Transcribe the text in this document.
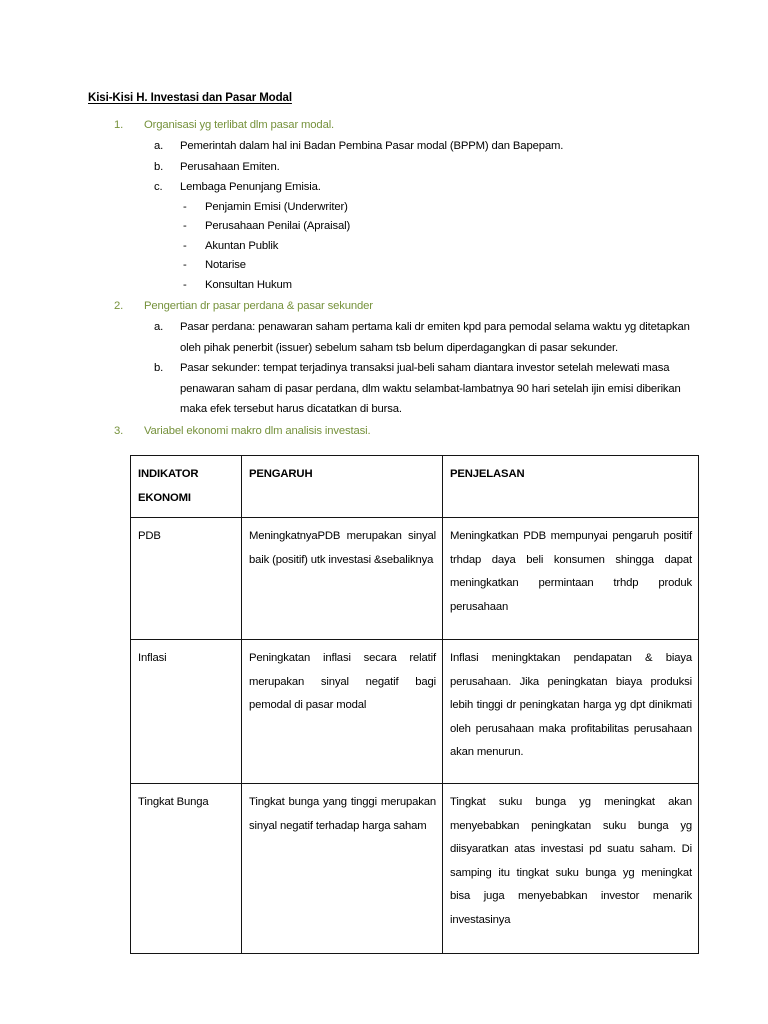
Kisi-Kisi H. Investasi dan Pasar Modal
1.	Organisasi yg terlibat dlm pasar modal.
a.	Pemerintah dalam hal ini Badan Pembina Pasar modal (BPPM) dan Bapepam.
b.	Perusahaan Emiten.
c.	Lembaga Penunjang Emisia.
-	Penjamin Emisi (Underwriter)
-	Perusahaan Penilai (Apraisal)
-	Akuntan Publik
-	Notarise
-	Konsultan Hukum
2.	Pengertian dr pasar perdana & pasar sekunder
a.	Pasar perdana: penawaran saham pertama kali dr emiten kpd para pemodal selama waktu yg ditetapkan oleh pihak penerbit (issuer) sebelum saham tsb belum diperdagangkan di pasar sekunder.
b.	Pasar sekunder: tempat terjadinya transaksi jual-beli saham diantara investor setelah melewati masa penawaran saham di pasar perdana, dlm waktu selambat-lambatnya 90 hari setelah ijin emisi diberikan maka efek tersebut harus dicatatkan di bursa.
3.	Variabel ekonomi makro dlm analisis investasi.
INDIKATOR
EKONOMI	PENGARUH	PENJELASAN
PDB	MeningkatnyaPDB merupakan sinyal baik (positif) utk investasi &sebaliknya	Meningkatkan PDB mempunyai pengaruh positif trhdap daya beli konsumen shingga dapat meningkatkan permintaan trhdp produk perusahaan
Inflasi	Peningkatan inflasi secara relatif merupakan sinyal negatif bagi pemodal di pasar modal	Inflasi meningktakan pendapatan & biaya perusahaan. Jika peningkatan biaya produksi lebih tinggi dr peningkatan harga yg dpt dinikmati oleh perusahaan maka profitabilitas perusahaan akan menurun.
Tingkat Bunga	Tingkat bunga yang tinggi merupakan sinyal negatif terhadap harga saham	Tingkat suku bunga yg meningkat akan menyebabkan peningkatan suku bunga yg diisyaratkan atas investasi pd suatu saham. Di samping itu tingkat suku bunga yg meningkat bisa juga menyebabkan investor menarik investasinya
